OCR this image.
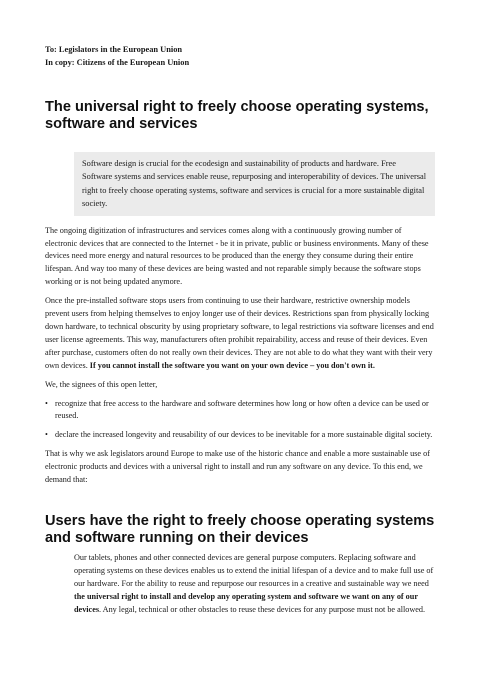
To: Legislators in the European Union
In copy: Citizens of the European Union
The universal right to freely choose operating systems, software and services
Software design is crucial for the ecodesign and sustainability of products and hardware. Free Software systems and services enable reuse, repurposing and interoperability of devices. The universal right to freely choose operating systems, software and services is crucial for a more sustainable digital society.

The ongoing digitization of infrastructures and services comes along with a continuously growing number of electronic devices that are connected to the Internet - be it in private, public or business environments. Many of these devices need more energy and natural resources to be produced than the energy they consume during their entire lifespan. And way too many of these devices are being wasted and not reparable simply because the software stops working or is not being updated anymore.

Once the pre-installed software stops users from continuing to use their hardware, restrictive ownership models prevent users from helping themselves to enjoy longer use of their devices. Restrictions span from physically locking down hardware, to technical obscurity by using proprietary software, to legal restrictions via software licenses and end user license agreements. This way, manufacturers often prohibit repairability, access and reuse of their devices. Even after purchase, customers often do not really own their devices. They are not able to do what they want with their very own devices. If you cannot install the software you want on your own device – you don't own it.

We, the signees of this open letter,

• recognize that free access to the hardware and software determines how long or how often a device can be used or reused.
• declare the increased longevity and reusability of our devices to be inevitable for a more sustainable digital society.

That is why we ask legislators around Europe to make use of the historic chance and enable a more sustainable use of electronic products and devices with a universal right to install and run any software on any device. To this end, we demand that:

Users have the right to freely choose operating systems and software running on their devices

Our tablets, phones and other connected devices are general purpose computers. Replacing software and operating systems on these devices enables us to extend the initial lifespan of a device and to make full use of our hardware. For the ability to reuse and repurpose our resources in a creative and sustainable way we need the universal right to install and develop any operating system and software we want on any of our devices. Any legal, technical or other obstacles to reuse these devices for any purpose must not be allowed.
